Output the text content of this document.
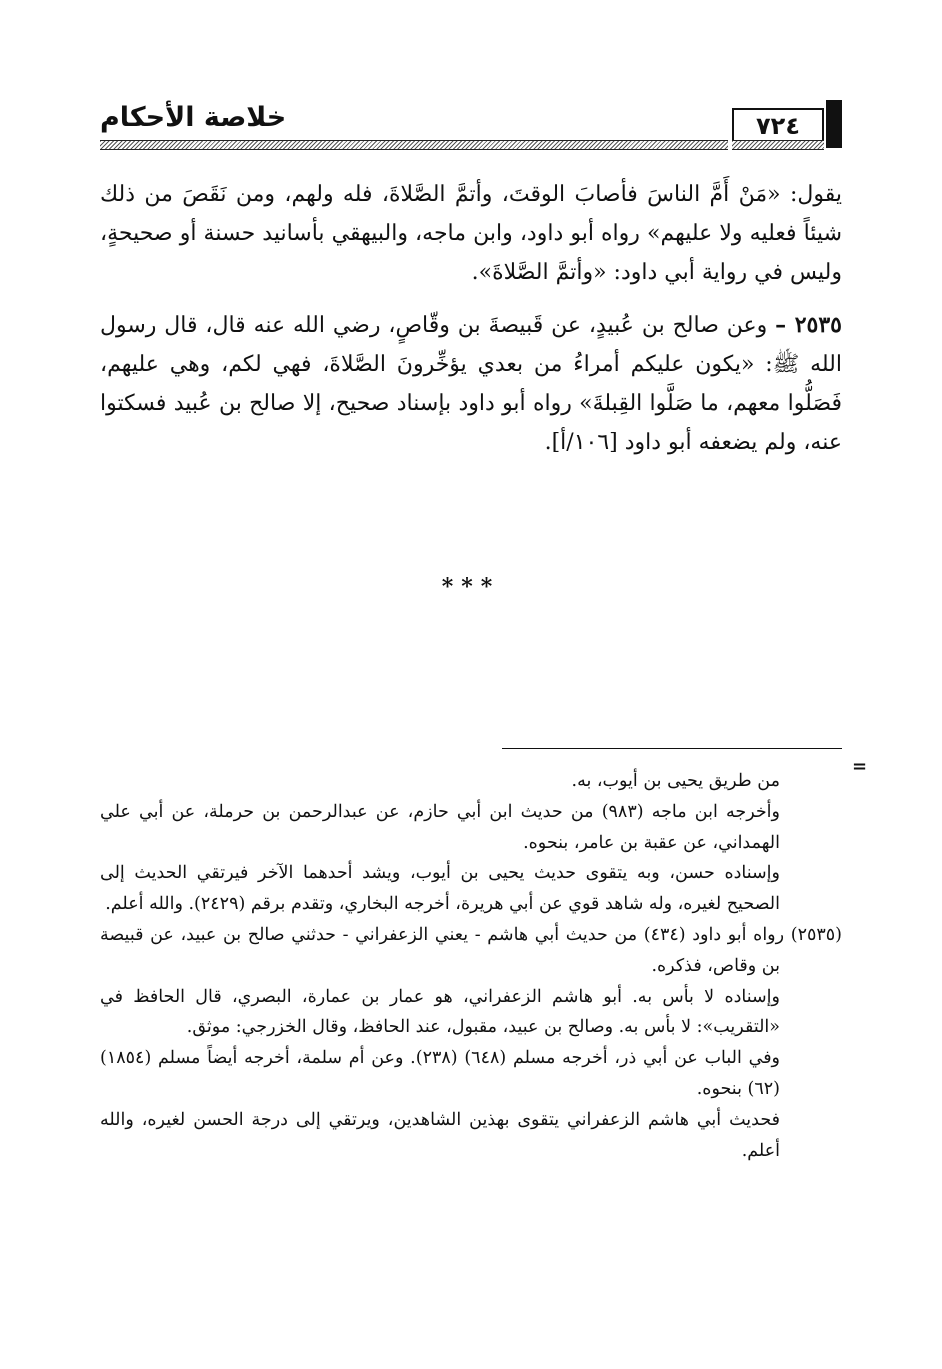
خلاصة الأحكام	٧٢٤

يقول: «مَنْ أَمَّ الناسَ فأصابَ الوقتَ، وأتمَّ الصَّلاةَ، فله ولهم، ومن نَقَصَ من ذلك شيئاً فعليه ولا عليهم» رواه أبو داود، وابن ماجه، والبيهقي بأسانيد حسنة أو صحيحةٍ، وليس في رواية أبي داود: «وأتمَّ الصَّلاةَ».

٢٥٣٥ – وعن صالح بن عُبيدٍ، عن قَبيصةَ بن وقّاصٍ، رضي الله عنه قال، قال رسول الله ﷺ: «يكون عليكم أمراءُ من بعدي يؤخِّرونَ الصَّلاةَ، فهي لكم، وهي عليهم، فَصَلُّوا معهم، ما صَلَّوا القِبلةَ» رواه أبو داود بإسناد صحيح، إلا صالح بن عُبيد فسكتوا عنه، ولم يضعفه أبو داود [١٠٦/أ].

***
=

من طريق يحيى بن أيوب، به.

وأخرجه ابن ماجه (٩٨٣) من حديث ابن أبي حازم، عن عبدالرحمن بن حرملة، عن أبي علي الهمداني، عن عقبة بن عامر، بنحوه.

وإسناده حسن، وبه يتقوى حديث يحيى بن أيوب، ويشد أحدهما الآخر فيرتقي الحديث إلى الصحيح لغيره، وله شاهد قوي عن أبي هريرة، أخرجه البخاري، وتقدم برقم (٢٤٢٩). والله أعلم.

(٢٥٣٥) رواه أبو داود (٤٣٤) من حديث أبي هاشم - يعني الزعفراني - حدثني صالح بن عبيد، عن قبيصة بن وقاص، فذكره.

وإسناده لا بأس به. أبو هاشم الزعفراني، هو عمار بن عمارة، البصري، قال الحافظ في «التقريب»: لا بأس به. وصالح بن عبيد، مقبول، عند الحافظ، وقال الخزرجي: موثق.

وفي الباب عن أبي ذر، أخرجه مسلم (٦٤٨) (٢٣٨). وعن أم سلمة، أخرجه أيضاً مسلم (١٨٥٤) (٦٢) بنحوه.

فحديث أبي هاشم الزعفراني يتقوى بهذين الشاهدين، ويرتقي إلى درجة الحسن لغيره، والله أعلم.
